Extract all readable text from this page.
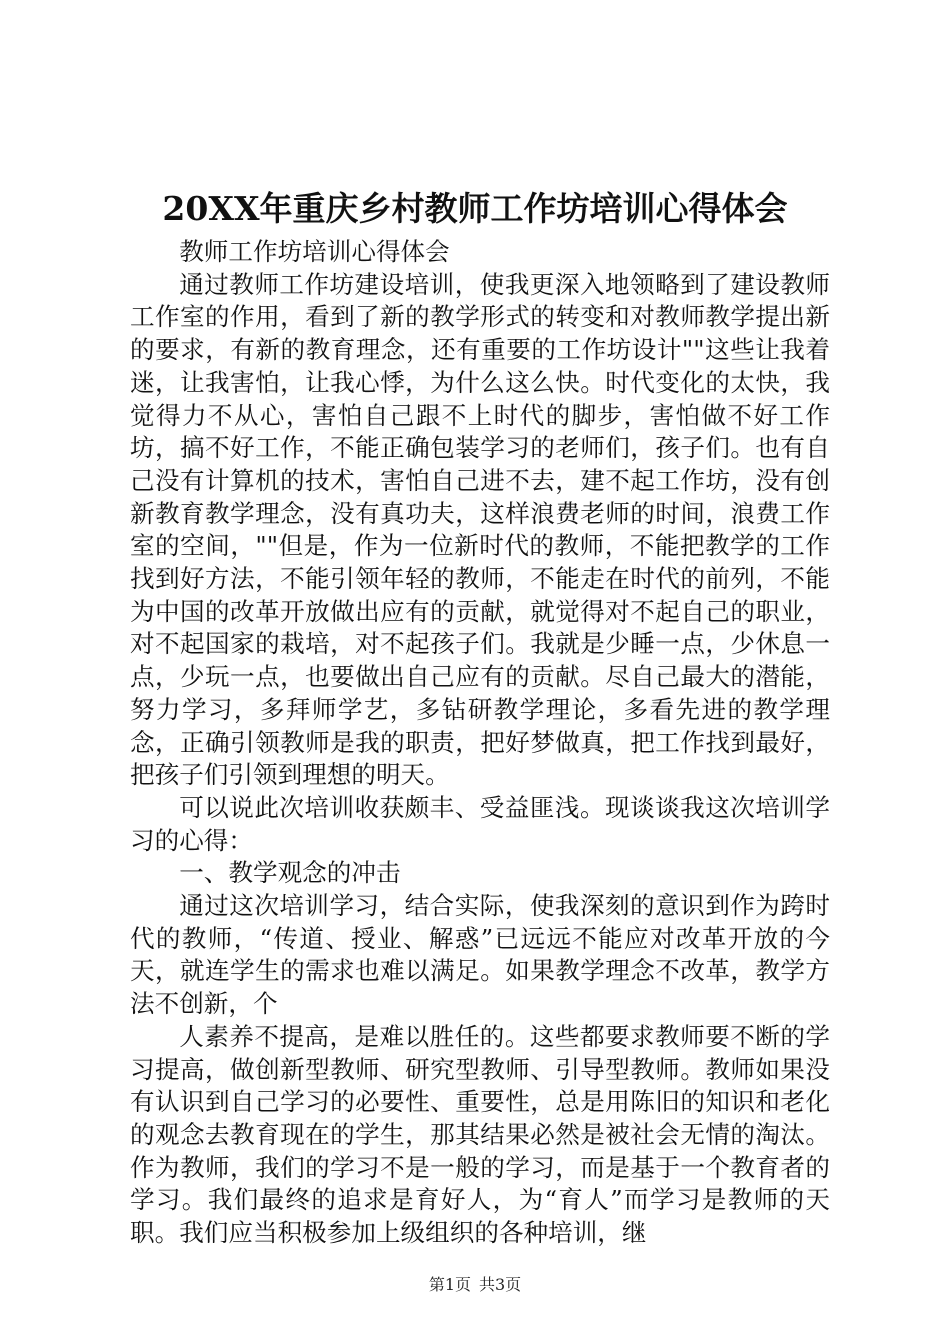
20XX年重庆乡村教师工作坊培训心得体会

教师工作坊培训心得体会

通过教师工作坊建设培训，使我更深入地领略到了建设教师工作室的作用，看到了新的教学形式的转变和对教师教学提出新的要求，有新的教育理念，还有重要的工作坊设计""这些让我着迷，让我害怕，让我心悸，为什么这么快。时代变化的太快，我觉得力不从心，害怕自己跟不上时代的脚步，害怕做不好工作坊，搞不好工作，不能正确包装学习的老师们，孩子们。也有自己没有计算机的技术，害怕自己进不去，建不起工作坊，没有创新教育教学理念，没有真功夫，这样浪费老师的时间，浪费工作室的空间，""但是，作为一位新时代的教师，不能把教学的工作找到好方法，不能引领年轻的教师，不能走在时代的前列，不能为中国的改革开放做出应有的贡献，就觉得对不起自己的职业，对不起国家的栽培，对不起孩子们。我就是少睡一点，少休息一点，少玩一点，也要做出自己应有的贡献。尽自己最大的潜能，努力学习，多拜师学艺，多钻研教学理论，多看先进的教学理念，正确引领教师是我的职责，把好梦做真，把工作找到最好，把孩子们引领到理想的明天。

可以说此次培训收获颇丰、受益匪浅。现谈谈我这次培训学习的心得：

一、教学观念的冲击

通过这次培训学习，结合实际，使我深刻的意识到作为跨时代的教师，“传道、授业、解惑”已远远不能应对改革开放的今天，就连学生的需求也难以满足。如果教学理念不改革，教学方法不创新，个

人素养不提高，是难以胜任的。这些都要求教师要不断的学习提高，做创新型教师、研究型教师、引导型教师。教师如果没有认识到自己学习的必要性、重要性，总是用陈旧的知识和老化的观念去教育现在的学生，那其结果必然是被社会无情的淘汰。作为教师，我们的学习不是一般的学习，而是基于一个教育者的学习。我们最终的追求是育好人，为“育人”而学习是教师的天职。我们应当积极参加上级组织的各种培训，继

第1页 共3页
